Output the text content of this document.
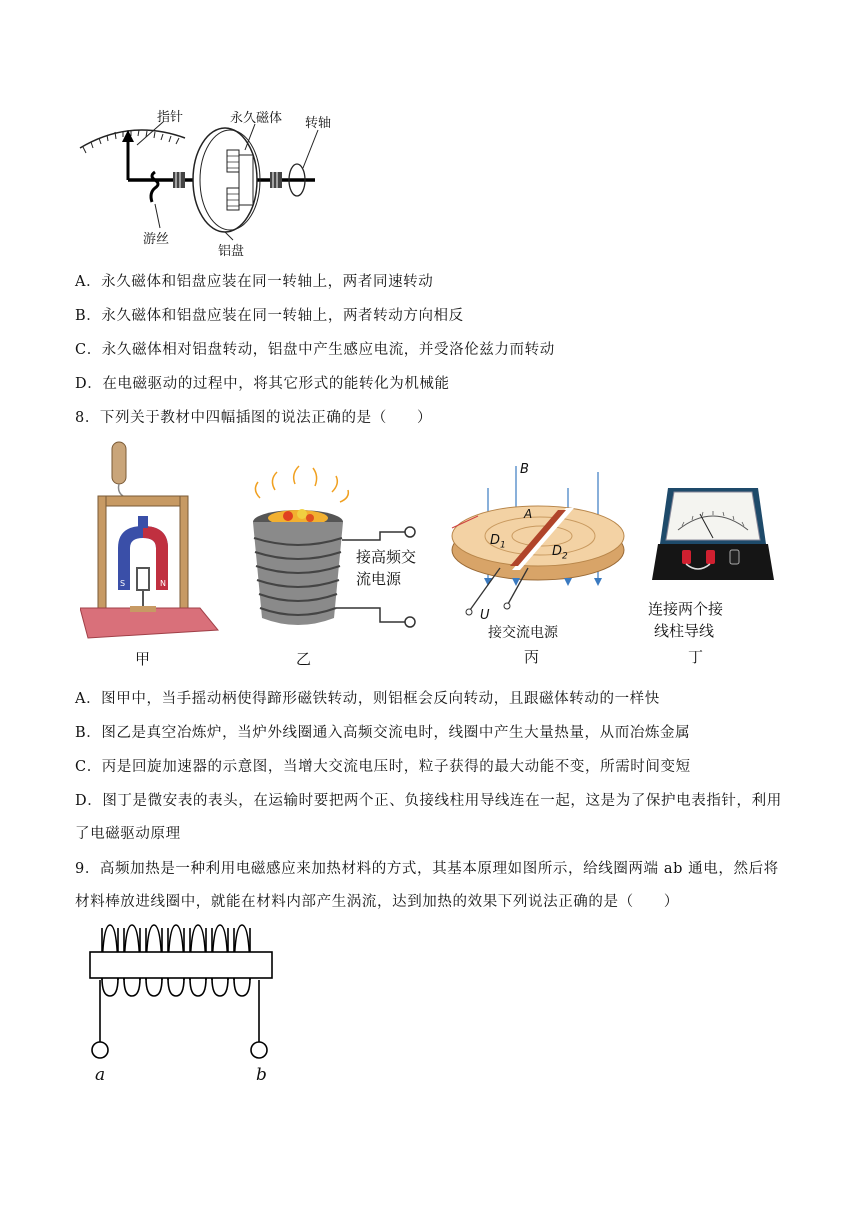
指针	永久磁体 转轴
游丝
铝盘
A．永久磁体和铝盘应装在同一转轴上，两者同速转动
B．永久磁体和铝盘应装在同一转轴上，两者转动方向相反
C．永久磁体相对铝盘转动，铝盘中产生感应电流，并受洛伦兹力而转动
D．在电磁驱动的过程中，将其它形式的能转化为机械能
8．下列关于教材中四幅插图的说法正确的是（　　）
S	N
甲
接高频交
流电源
乙
B
A
$D_1$	$D_2$
U
接交流电源
丙
连接两个接
线柱导线
丁
A．图甲中，当手摇动柄使得蹄形磁铁转动，则铝框会反向转动，且跟磁体转动的一样快
B．图乙是真空冶炼炉，当炉外线圈通入高频交流电时，线圈中产生大量热量，从而冶炼金属
C．丙是回旋加速器的示意图，当增大交流电压时，粒子获得的最大动能不变，所需时间变短
D．图丁是微安表的表头，在运输时要把两个正、负接线柱用导线连在一起，这是为了保护电表指针，利用
了电磁驱动原理
9．高频加热是一种利用电磁感应来加热材料的方式，其基本原理如图所示，给线圈两端 ab 通电，然后将
材料棒放进线圈中，就能在材料内部产生涡流，达到加热的效果下列说法正确的是（　　）
a	b
